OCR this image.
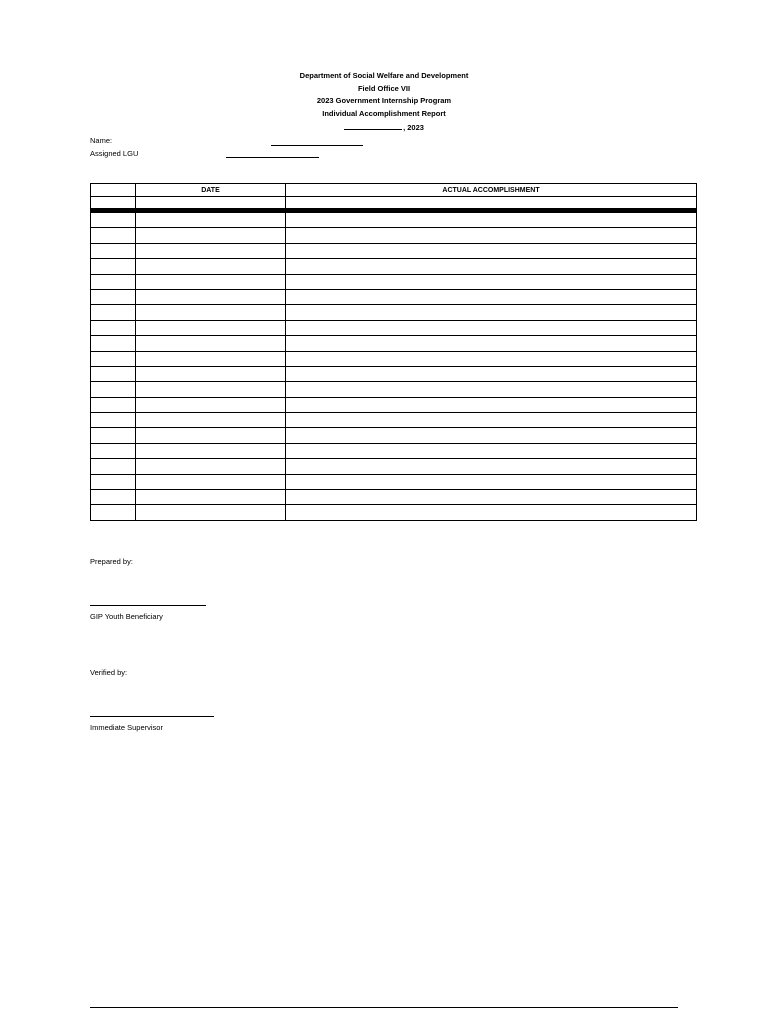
Department of Social Welfare and Development
Field Office VII
2023 Government Internship Program
Individual Accomplishment Report
, 2023
Name:
Assigned LGU
	DATE	ACTUAL ACCOMPLISHMENT

Prepared by:
GIP Youth Beneficiary
Verified by:
Immediate Supervisor
